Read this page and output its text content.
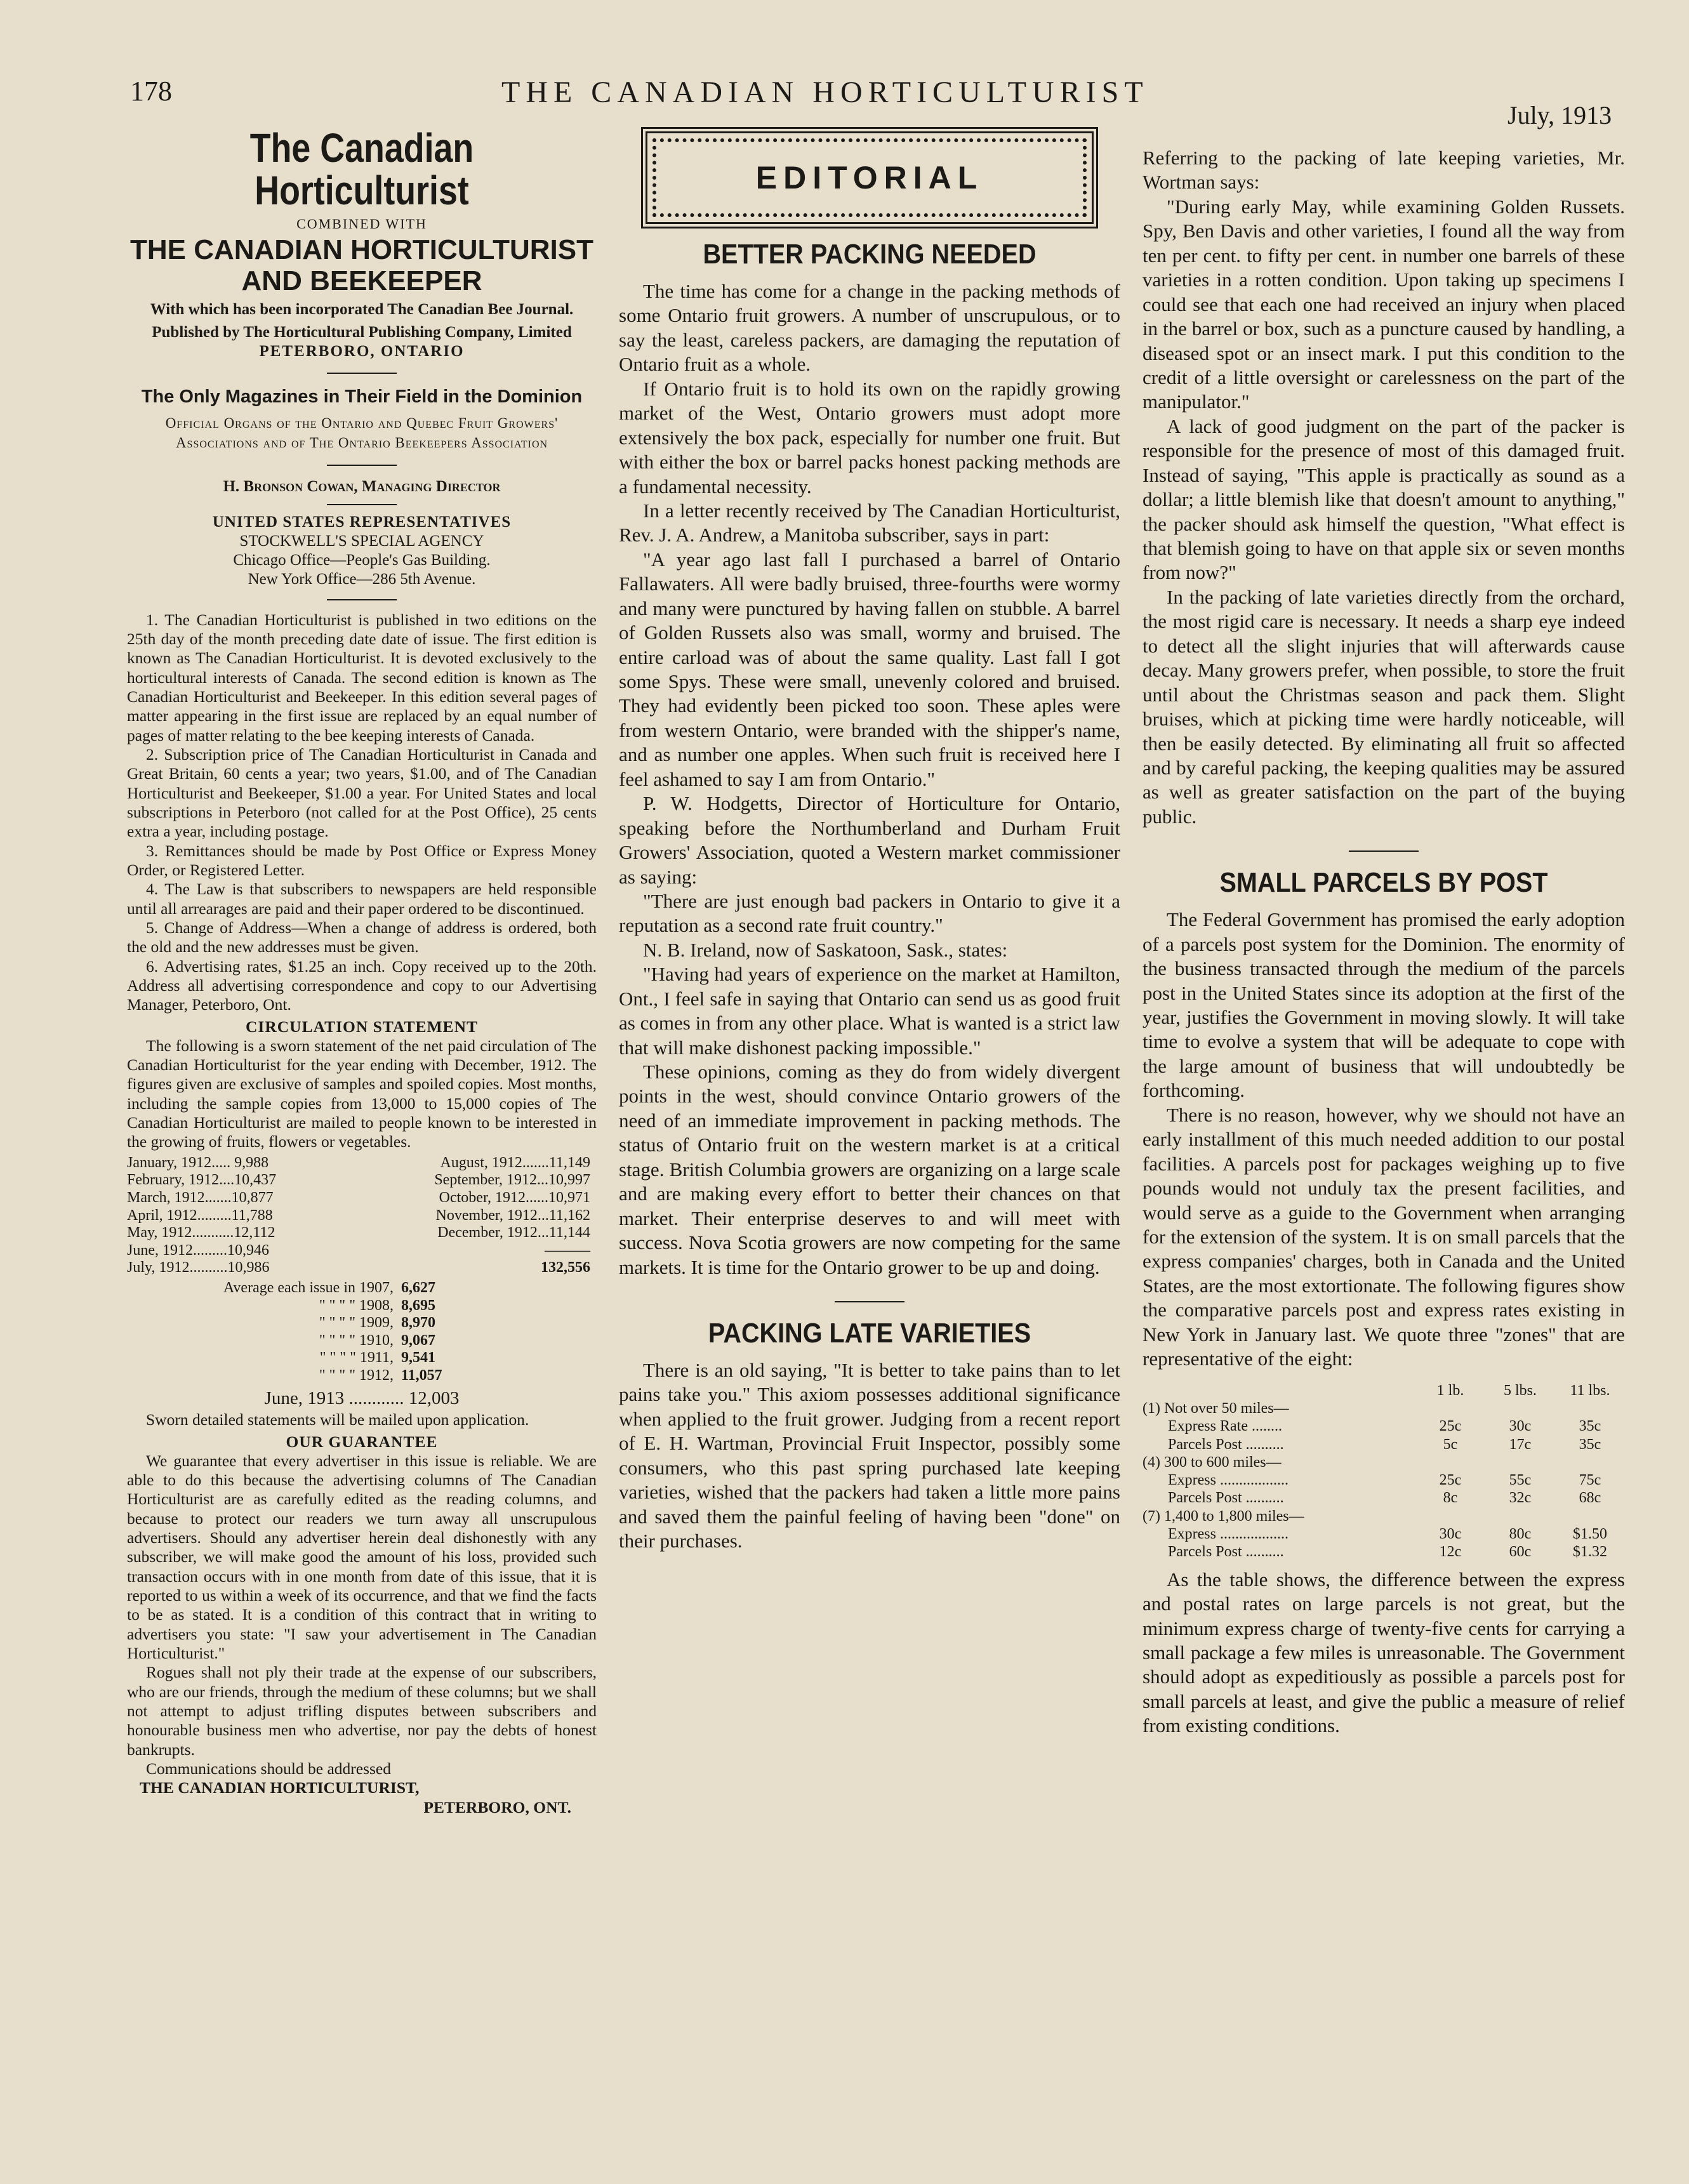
178	THE CANADIAN HORTICULTURIST
July, 1913
The Canadian Horticulturist

COMBINED WITH

THE CANADIAN HORTICULTURIST AND BEEKEEPER

With which has been incorporated The Canadian Bee Journal.

Published by The Horticultural Publishing Company, Limited

PETERBORO, ONTARIO

The Only Magazines in Their Field in the Dominion

Official Organs of the Ontario and Quebec Fruit Growers' Associations and of The Ontario Beekeepers Association

H. Bronson Cowan, Managing Director

UNITED STATES REPRESENTATIVES

STOCKWELL'S SPECIAL AGENCY

Chicago Office—People's Gas Building.

New York Office—286 5th Avenue.

1. The Canadian Horticulturist is published in two editions on the 25th day of the month preceding date date of issue. The first edition is known as The Canadian Horticulturist. It is devoted exclusively to the horticultural interests of Canada. The second edition is known as The Canadian Horticulturist and Beekeeper. In this edition several pages of matter appearing in the first issue are replaced by an equal number of pages of matter relating to the bee keeping interests of Canada.

2. Subscription price of The Canadian Horticulturist in Canada and Great Britain, 60 cents a year; two years, $1.00, and of The Canadian Horticulturist and Beekeeper, $1.00 a year. For United States and local subscriptions in Peterboro (not called for at the Post Office), 25 cents extra a year, including postage.

3. Remittances should be made by Post Office or Express Money Order, or Registered Letter.

4. The Law is that subscribers to newspapers are held responsible until all arrearages are paid and their paper ordered to be discontinued.

5. Change of Address—When a change of address is ordered, both the old and the new addresses must be given.

6. Advertising rates, $1.25 an inch. Copy received up to the 20th. Address all advertising correspondence and copy to our Advertising Manager, Peterboro, Ont.

CIRCULATION STATEMENT

The following is a sworn statement of the net paid circulation of The Canadian Horticulturist for the year ending with December, 1912. The figures given are exclusive of samples and spoiled copies. Most months, including the sample copies from 13,000 to 15,000 copies of The Canadian Horticulturist are mailed to people known to be interested in the growing of fruits, flowers or vegetables.

January, 1912..... 9,988	August, 1912.......11,149
February, 1912....10,437	September, 1912...10,997
March, 1912.......10,877	October, 1912......10,971
April, 1912.........11,788	November, 1912...11,162
May, 1912...........12,112	December, 1912...11,144
June, 1912.........10,946	———
July, 1912..........10,986	132,556
Average each issue in 1907, 6,627
" " " " 1908, 8,695
" " " " 1909, 8,970
" " " " 1910, 9,067
" " " " 1911, 9,541
" " " " 1912, 11,057

June, 1913 ............ 12,003

Sworn detailed statements will be mailed upon application.

OUR GUARANTEE

We guarantee that every advertiser in this issue is reliable. We are able to do this because the advertising columns of The Canadian Horticulturist are as carefully edited as the reading columns, and because to protect our readers we turn away all unscrupulous advertisers. Should any advertiser herein deal dishonestly with any subscriber, we will make good the amount of his loss, provided such transaction occurs with in one month from date of this issue, that it is reported to us within a week of its occurrence, and that we find the facts to be as stated. It is a condition of this contract that in writing to advertisers you state: "I saw your advertisement in The Canadian Horticulturist."

Rogues shall not ply their trade at the expense of our subscribers, who are our friends, through the medium of these columns; but we shall not attempt to adjust trifling disputes between subscribers and honourable business men who advertise, nor pay the debts of honest bankrupts.

Communications should be addressed

THE CANADIAN HORTICULTURIST,

PETERBORO, ONT.

EDITORIAL
BETTER PACKING NEEDED

The time has come for a change in the packing methods of some Ontario fruit growers. A number of unscrupulous, or to say the least, careless packers, are damaging the reputation of Ontario fruit as a whole.

If Ontario fruit is to hold its own on the rapidly growing market of the West, Ontario growers must adopt more extensively the box pack, especially for number one fruit. But with either the box or barrel packs honest packing methods are a fundamental necessity.

In a letter recently received by The Canadian Horticulturist, Rev. J. A. Andrew, a Manitoba subscriber, says in part:

"A year ago last fall I purchased a barrel of Ontario Fallawaters. All were badly bruised, three-fourths were wormy and many were punctured by having fallen on stubble. A barrel of Golden Russets also was small, wormy and bruised. The entire carload was of about the same quality. Last fall I got some Spys. These were small, unevenly colored and bruised. They had evidently been picked too soon. These aples were from western Ontario, were branded with the shipper's name, and as number one apples. When such fruit is received here I feel ashamed to say I am from Ontario."

P. W. Hodgetts, Director of Horticulture for Ontario, speaking before the Northumberland and Durham Fruit Growers' Association, quoted a Western market commissioner as saying:

"There are just enough bad packers in Ontario to give it a reputation as a second rate fruit country."

N. B. Ireland, now of Saskatoon, Sask., states:

"Having had years of experience on the market at Hamilton, Ont., I feel safe in saying that Ontario can send us as good fruit as comes in from any other place. What is wanted is a strict law that will make dishonest packing impossible."

These opinions, coming as they do from widely divergent points in the west, should convince Ontario growers of the need of an immediate improvement in packing methods. The status of Ontario fruit on the western market is at a critical stage. British Columbia growers are organizing on a large scale and are making every effort to better their chances on that market. Their enterprise deserves to and will meet with success. Nova Scotia growers are now competing for the same markets. It is time for the Ontario grower to be up and doing.

PACKING LATE VARIETIES

There is an old saying, "It is better to take pains than to let pains take you." This axiom possesses additional significance when applied to the fruit grower. Judging from a recent report of E. H. Wartman, Provincial Fruit Inspector, possibly some consumers, who this past spring purchased late keeping varieties, wished that the packers had taken a little more pains and saved them the painful feeling of having been "done" on their purchases.

Referring to the packing of late keeping varieties, Mr. Wortman says:

"During early May, while examining Golden Russets. Spy, Ben Davis and other varieties, I found all the way from ten per cent. to fifty per cent. in number one barrels of these varieties in a rotten condition. Upon taking up specimens I could see that each one had received an injury when placed in the barrel or box, such as a puncture caused by handling, a diseased spot or an insect mark. I put this condition to the credit of a little oversight or carelessness on the part of the manipulator."

A lack of good judgment on the part of the packer is responsible for the presence of most of this damaged fruit. Instead of saying, "This apple is practically as sound as a dollar; a little blemish like that doesn't amount to anything," the packer should ask himself the question, "What effect is that blemish going to have on that apple six or seven months from now?"

In the packing of late varieties directly from the orchard, the most rigid care is necessary. It needs a sharp eye indeed to detect all the slight injuries that will afterwards cause decay. Many growers prefer, when possible, to store the fruit until about the Christmas season and pack them. Slight bruises, which at picking time were hardly noticeable, will then be easily detected. By eliminating all fruit so affected and by careful packing, the keeping qualities may be assured as well as greater satisfaction on the part of the buying public.

SMALL PARCELS BY POST

The Federal Government has promised the early adoption of a parcels post system for the Dominion. The enormity of the business transacted through the medium of the parcels post in the United States since its adoption at the first of the year, justifies the Government in moving slowly. It will take time to evolve a system that will be adequate to cope with the large amount of business that will undoubtedly be forthcoming.

There is no reason, however, why we should not have an early installment of this much needed addition to our postal facilities. A parcels post for packages weighing up to five pounds would not unduly tax the present facilities, and would serve as a guide to the Government when arranging for the extension of the system. It is on small parcels that the express companies' charges, both in Canada and the United States, are the most extortionate. The following figures show the comparative parcels post and express rates existing in New York in January last. We quote three "zones" that are representative of the eight:

	1 lb.	5 lbs.	11 lbs.
(1) Not over 50 miles—			
Express Rate ........	25c	30c	35c
Parcels Post ..........	5c	17c	35c
(4) 300 to 600 miles—			
Express ..................	25c	55c	75c
Parcels Post ..........	8c	32c	68c
(7) 1,400 to 1,800 miles—			
Express ..................	30c	80c	$1.50
Parcels Post ..........	12c	60c	$1.32

As the table shows, the difference between the express and postal rates on large parcels is not great, but the minimum express charge of twenty-five cents for carrying a small package a few miles is unreasonable. The Government should adopt as expeditiously as possible a parcels post for small parcels at least, and give the public a measure of relief from existing conditions.
